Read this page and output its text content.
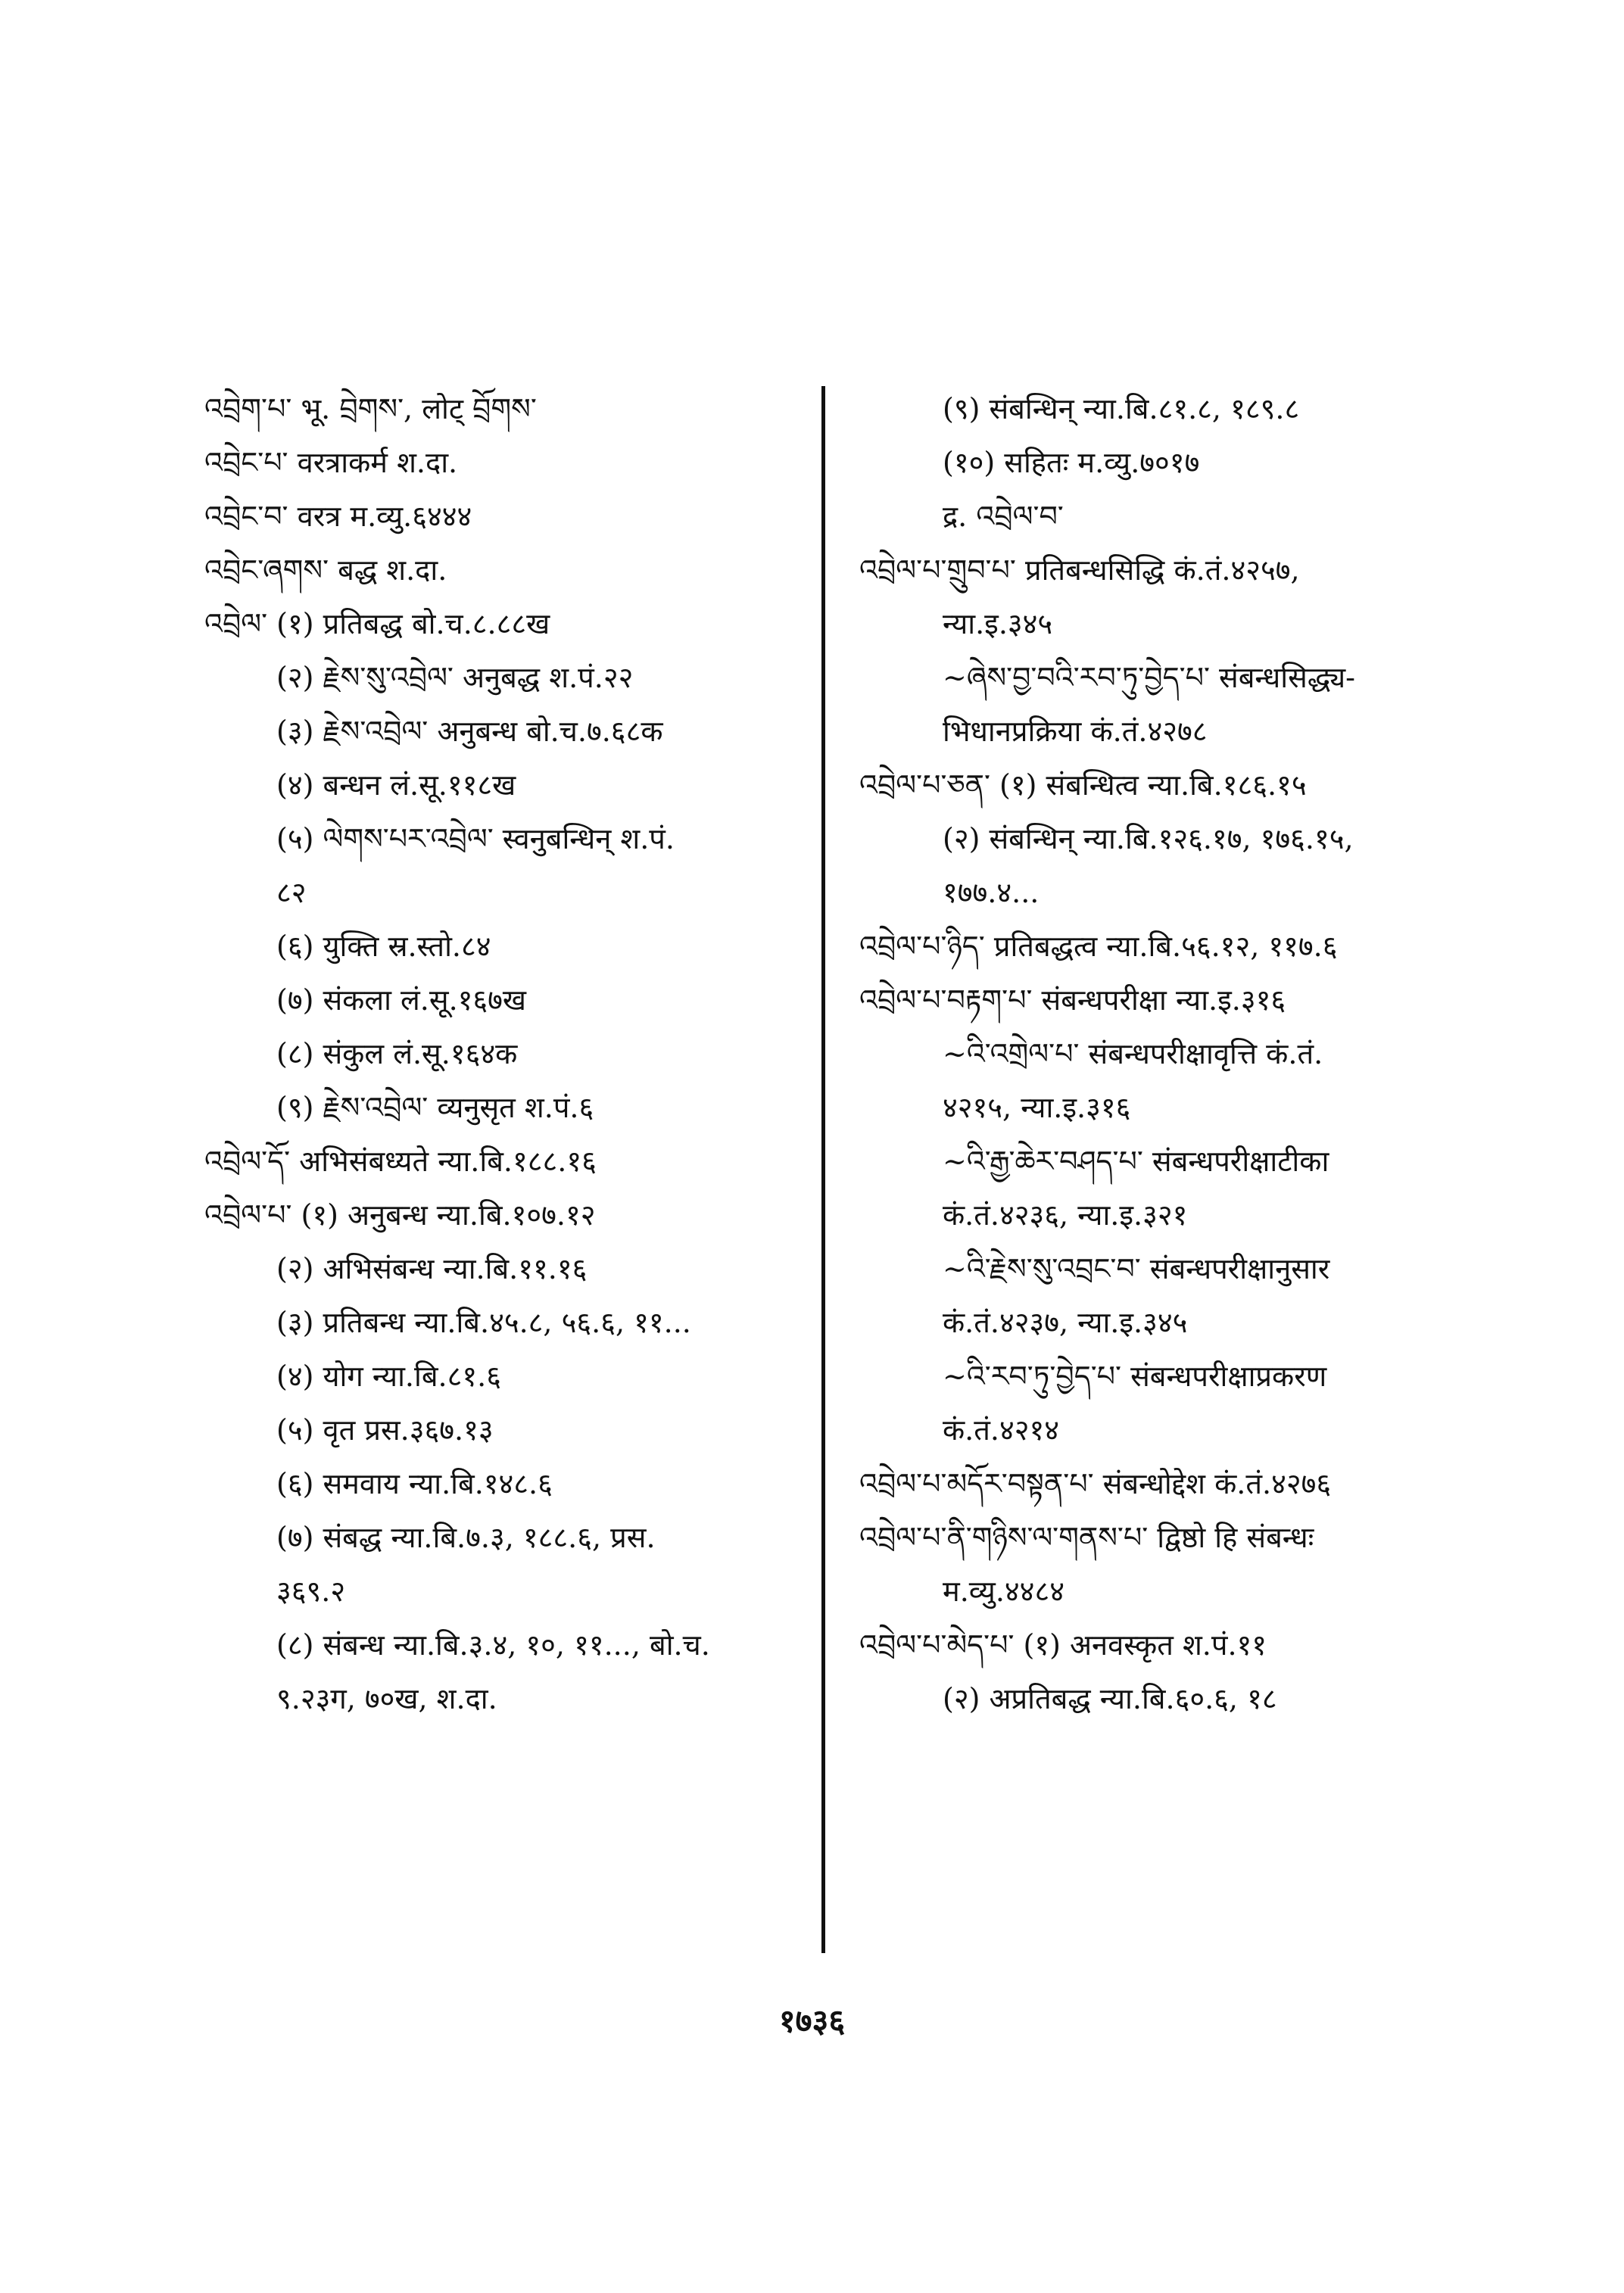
འབྲེག་པ་ भू. བྲེགས་, लोट् བྲོགས་
འབྲེང་པ་ वरत्राकर्म श.दा.
འབྲེང་བ་ वरत्र म.व्यु.६४४४
འབྲེང་ཞགས་ बद्ध श.दा.
འབྲེལ་ (१) प्रतिबद्ध बो.च.८.८८ख
(२) རྗེས་སུ་འབྲེལ་ अनुबद्ध श.पं.२२
(३) རྗེས་འབྲེལ་ अनुबन्ध बो.च.७.६८क
(४) बन्धन लं.सू.११८ख
(५) ལེགས་པར་འབྲེལ་ स्वनुबन्धिन् श.पं.
८२
(६) युक्ति स्र.स्तो.८४
(७) संकला लं.सू.१६७ख
(८) संकुल लं.सू.१६४क
(९) རྗེས་འབྲེལ་ व्यनुसृत श.पं.६
འབྲེལ་དོ་ अभिसंबध्यते न्या.बि.१८८.१६
འབྲེལ་པ་ (१) अनुबन्ध न्या.बि.१०७.१२
(२) अभिसंबन्ध न्या.बि.११.१६
(३) प्रतिबन्ध न्या.बि.४५.८, ५६.६, ११...
(४) योग न्या.बि.८१.६
(५) वृत प्रस.३६७.१३
(६) समवाय न्या.बि.१४८.६
(७) संबद्ध न्या.बि.७.३, १८८.६, प्रस.
३६९.२
(८) संबन्ध न्या.बि.३.४, १०, ११..., बो.च.
९.२३ग, ७०ख, श.दा.
(९) संबन्धिन् न्या.बि.८१.८, १८९.८
(१०) सहितः म.व्यु.७०१७
द्र. འབྲེལ་བ་
འབྲེལ་པ་གྲུབ་པ་ प्रतिबन्धसिद्धि कं.तं.४२५७,
न्या.इ.३४५
~ཞེས་བྱ་བའི་རབ་ཏུ་བྱེད་པ་ संबन्धसिद्ध्य-
भिधानप्रक्रिया कं.तं.४२७८
འབྲེལ་པ་ཅན་ (१) संबन्धित्व न्या.बि.१८६.१५
(२) संबन्धिन् न्या.बि.१२६.१७, १७६.१५,
१७७.४...
འབྲེལ་པ་ཉིད་ प्रतिबद्धत्व न्या.बि.५६.१२, ११७.६
འབྲེལ་པ་བརྟག་པ་ संबन्धपरीक्षा न्या.इ.३१६
~འི་འགྲེལ་པ་ संबन्धपरीक्षावृत्ति कं.तं.
४२१५, न्या.इ.३१६
~འི་རྒྱ་ཆེར་བཤད་པ་ संबन्धपरीक्षाटीका
कं.तं.४२३६, न्या.इ.३२१
~འི་རྗེས་སུ་འབྲང་བ་ संबन्धपरीक्षानुसार
कं.तं.४२३७, न्या.इ.३४५
~འི་རབ་ཏུ་བྱེད་པ་ संबन्धपरीक्षाप्रकरण
कं.तं.४२१४
འབྲེལ་པ་མདོར་བསྟན་པ་ संबन्धोद्देश कं.तं.४२७६
འབྲེལ་པ་ནི་གཉིས་ལ་གནས་པ་ द्विष्ठो हि संबन्धः
म.व्यु.४४८४
འབྲེལ་པ་མེད་པ་ (१) अनवस्कृत श.पं.११
(२) अप्रतिबद्ध न्या.बि.६०.६, १८
१७३६
